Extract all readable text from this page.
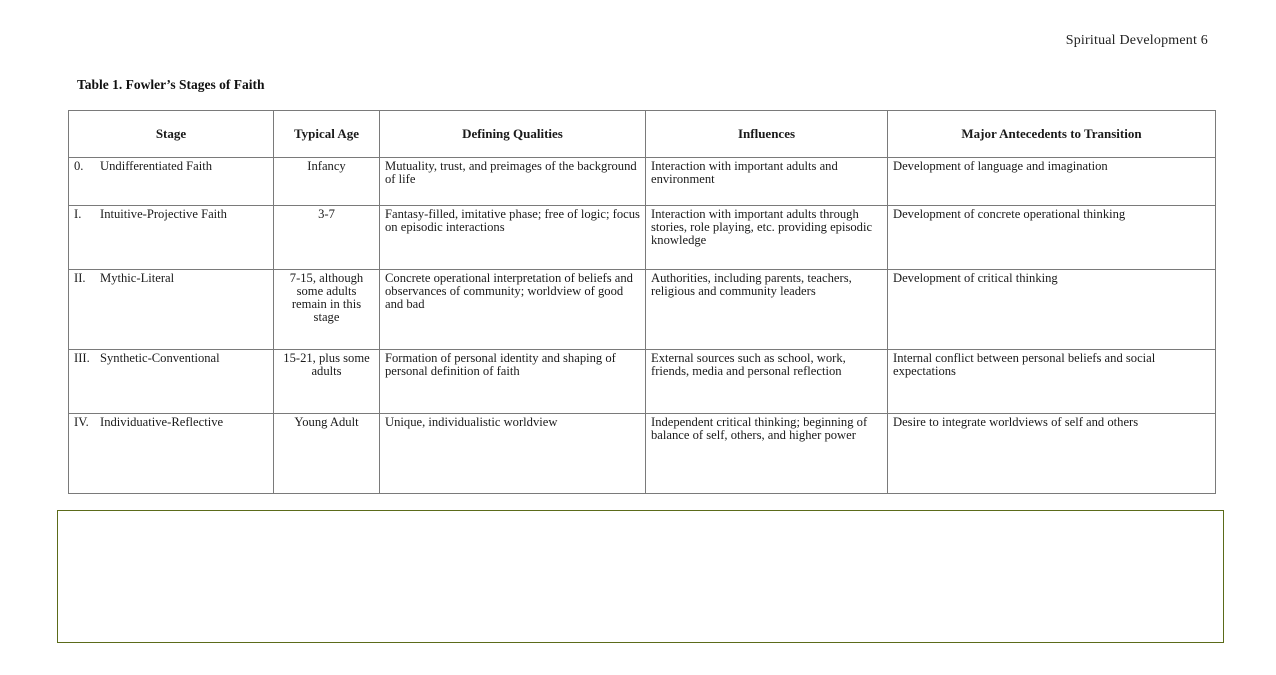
Spiritual Development 6
Table 1. Fowler’s Stages of Faith
Stage	Typical Age	Defining Qualities	Influences	Major Antecedents to Transition

0. Undifferentiated Faith	Infancy	Mutuality, trust, and preimages of the background of life	Interaction with important adults and environment	Development of language and imagination

I. Intuitive-Projective Faith	3-7	Fantasy-filled, imitative phase; free of logic; focus on episodic interactions	Interaction with important adults through stories, role playing, etc. providing episodic knowledge	Development of concrete operational thinking

II. Mythic-Literal	7-15, although some adults remain in this stage	Concrete operational interpretation of beliefs and observances of community; worldview of good and bad	Authorities, including parents, teachers, religious and community leaders	Development of critical thinking

III. Synthetic-Conventional	15-21, plus some adults	Formation of personal identity and shaping of personal definition of faith	External sources such as school, work, friends, media and personal reflection	Internal conflict between personal beliefs and social expectations

IV. Individuative-Reflective	Young Adult	Unique, individualistic worldview	Independent critical thinking; beginning of balance of self, others, and higher power	Desire to integrate worldviews of self and others
